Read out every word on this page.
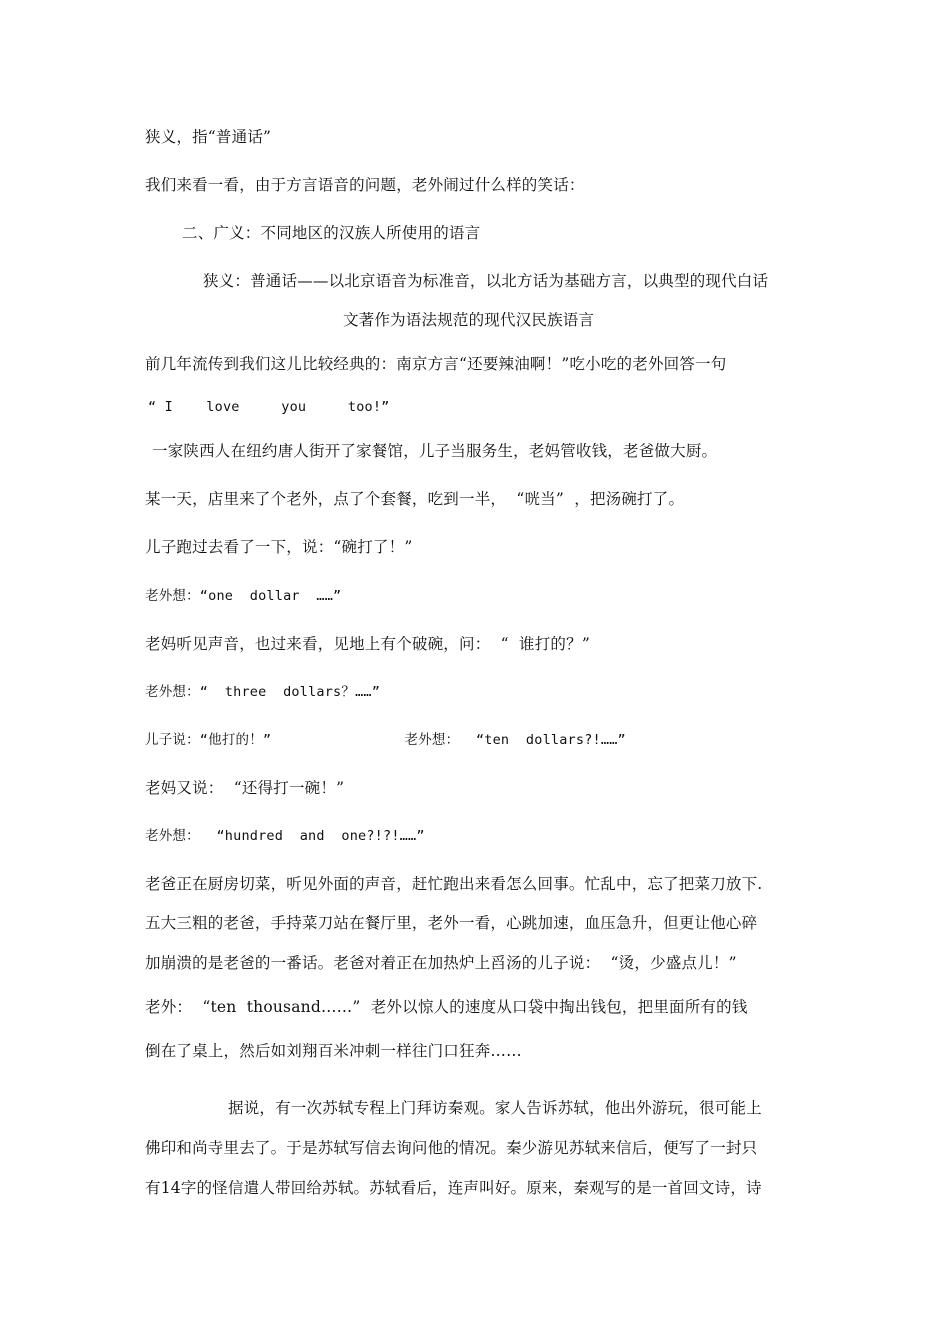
狭义，指“普通话”
我们来看一看，由于方言语音的问题，老外闹过什么样的笑话：
二、广义：不同地区的汉族人所使用的语言
狭义：普通话——以北京语音为标准音，以北方话为基础方言，以典型的现代白话
文著作为语法规范的现代汉民族语言
前几年流传到我们这儿比较经典的：南京方言“还要辣油啊！”吃小吃的老外回答一句
“ I    love     you     too!”
一家陕西人在纽约唐人街开了家餐馆，儿子当服务生，老妈管收钱，老爸做大厨。
某一天，店里来了个老外，点了个套餐，吃到一半，  “咣当”  ，把汤碗打了。
儿子跑过去看了一下，说：“碗打了！”
老外想：“one  dollar  ……”
老妈听见声音，也过来看，见地上有个破碗，问：  “  谁打的？”
老外想：“  three  dollars？……”
儿子说：“他打的！”                老外想：  “ten  dollars?!……”
老妈又说：  “还得打一碗！”
老外想：  “hundred  and  one?!?!……”
老爸正在厨房切菜，听见外面的声音，赶忙跑出来看怎么回事。忙乱中，忘了把菜刀放下.
五大三粗的老爸，手持菜刀站在餐厅里，老外一看，心跳加速，血压急升，但更让他心碎
加崩溃的是老爸的一番话。老爸对着正在加热炉上舀汤的儿子说：  “烫，少盛点儿！”
老外：  “ten  thousand……”  老外以惊人的速度从口袋中掏出钱包，把里面所有的钱
倒在了桌上，然后如刘翔百米冲刺一样往门口狂奔……
据说，有一次苏轼专程上门拜访秦观。家人告诉苏轼，他出外游玩，很可能上
佛印和尚寺里去了。于是苏轼写信去询问他的情况。秦少游见苏轼来信后，便写了一封只
有14字的怪信遣人带回给苏轼。苏轼看后，连声叫好。原来，秦观写的是一首回文诗，诗
